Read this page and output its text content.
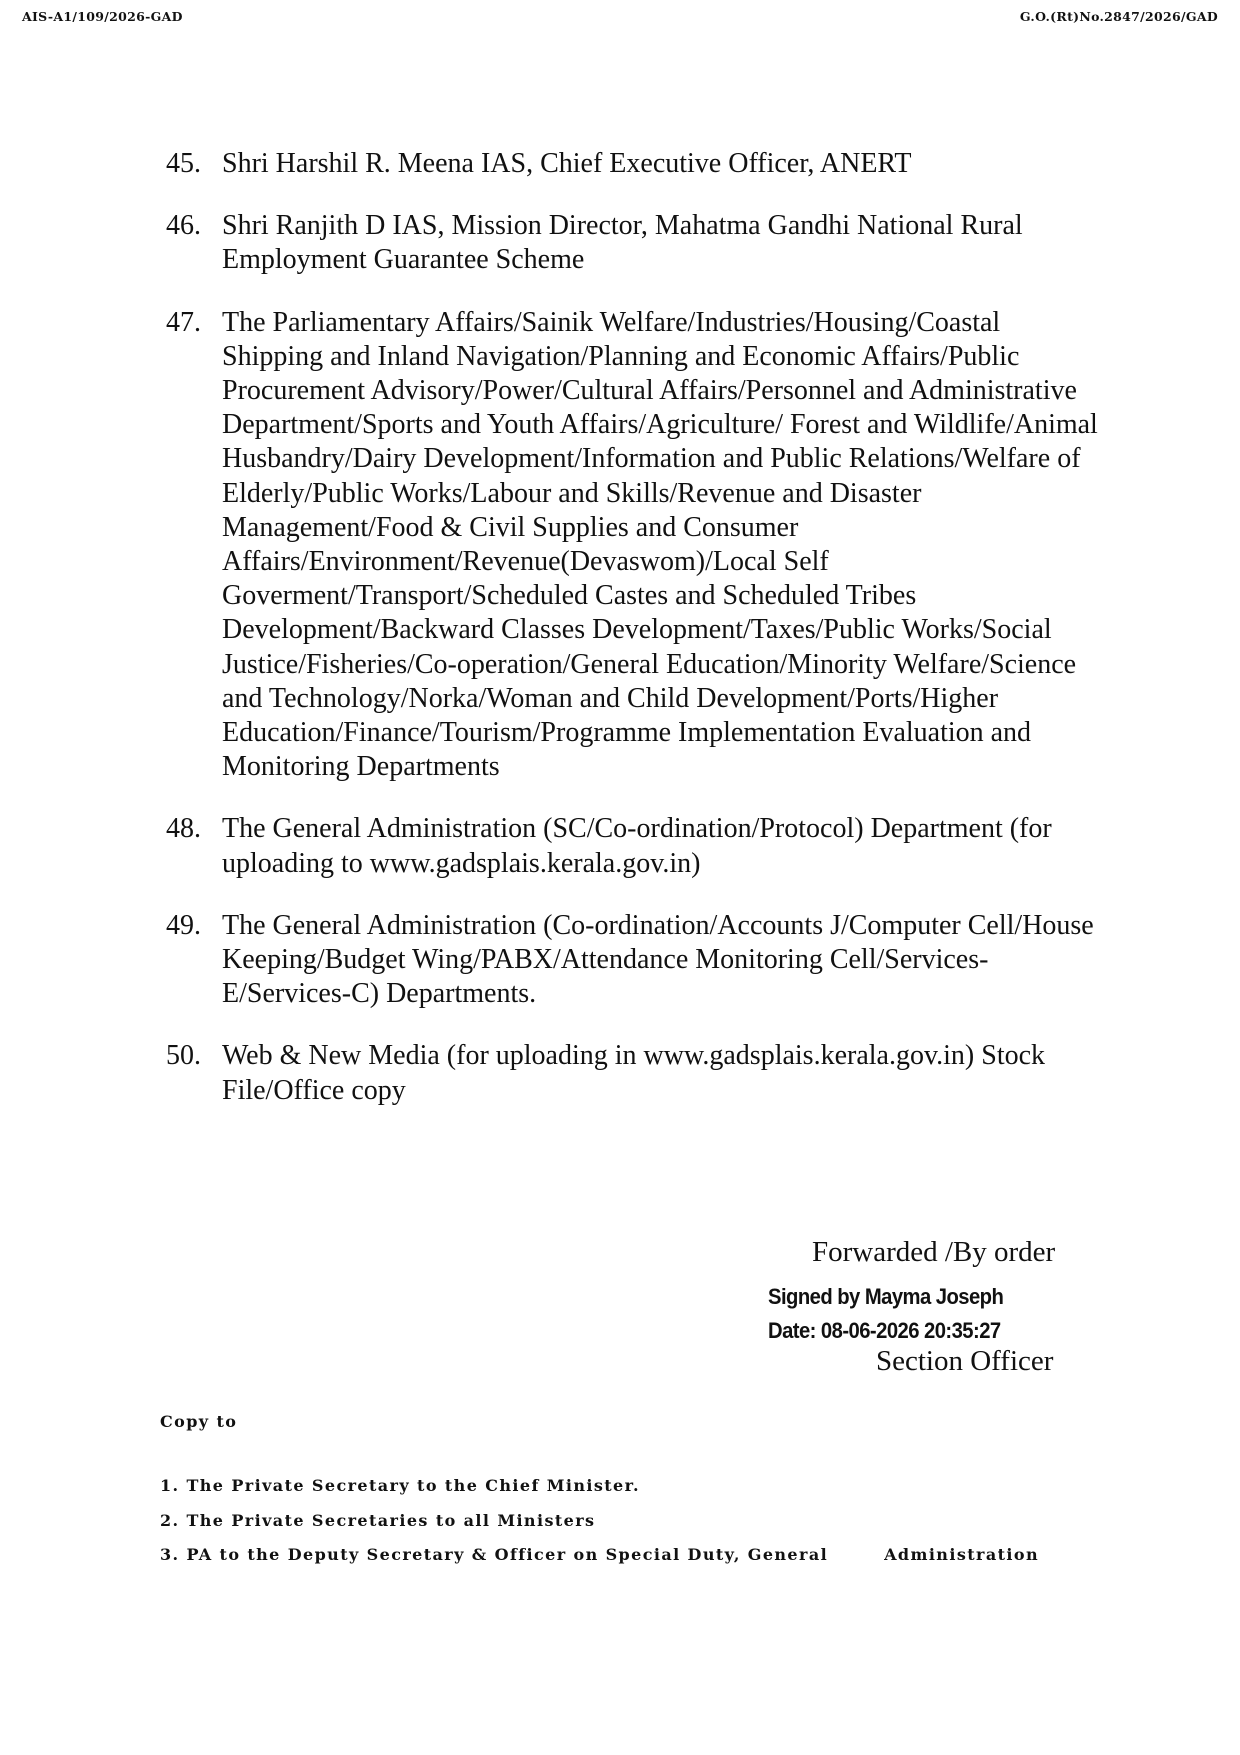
AIS-A1/109/2026-GAD	G.O.(Rt)No.2847/2026/GAD
45. Shri Harshil R. Meena IAS, Chief Executive Officer, ANERT
46. Shri Ranjith D IAS, Mission Director, Mahatma Gandhi National Rural Employment Guarantee Scheme
47. The Parliamentary Affairs/Sainik Welfare/Industries/Housing/Coastal Shipping and Inland Navigation/Planning and Economic Affairs/Public Procurement Advisory/Power/Cultural Affairs/Personnel and Administrative Department/Sports and Youth Affairs/Agriculture/ Forest and Wildlife/Animal Husbandry/Dairy Development/Information and Public Relations/Welfare of Elderly/Public Works/Labour and Skills/Revenue and Disaster Management/Food & Civil Supplies and Consumer Affairs/Environment/Revenue(Devaswom)/Local Self Goverment/Transport/Scheduled Castes and Scheduled Tribes Development/Backward Classes Development/Taxes/Public Works/Social Justice/Fisheries/Co-operation/General Education/Minority Welfare/Science and Technology/Norka/Woman and Child Development/Ports/Higher Education/Finance/Tourism/Programme Implementation Evaluation and Monitoring Departments
48. The General Administration (SC/Co-ordination/Protocol) Department (for uploading to www.gadsplais.kerala.gov.in)
49. The General Administration (Co-ordination/Accounts J/Computer Cell/House Keeping/Budget Wing/PABX/Attendance Monitoring Cell/Services-E/Services-C) Departments.
50. Web & New Media (for uploading in www.gadsplais.kerala.gov.in) Stock File/Office copy
Forwarded /By order
Signed by Mayma Joseph
Date: 08-06-2026 20:35:27
Section Officer
Copy to
1. The Private Secretary to the Chief Minister.
2. The Private Secretaries to all Ministers
3. PA to the Deputy Secretary & Officer on Special Duty, General	Administration
